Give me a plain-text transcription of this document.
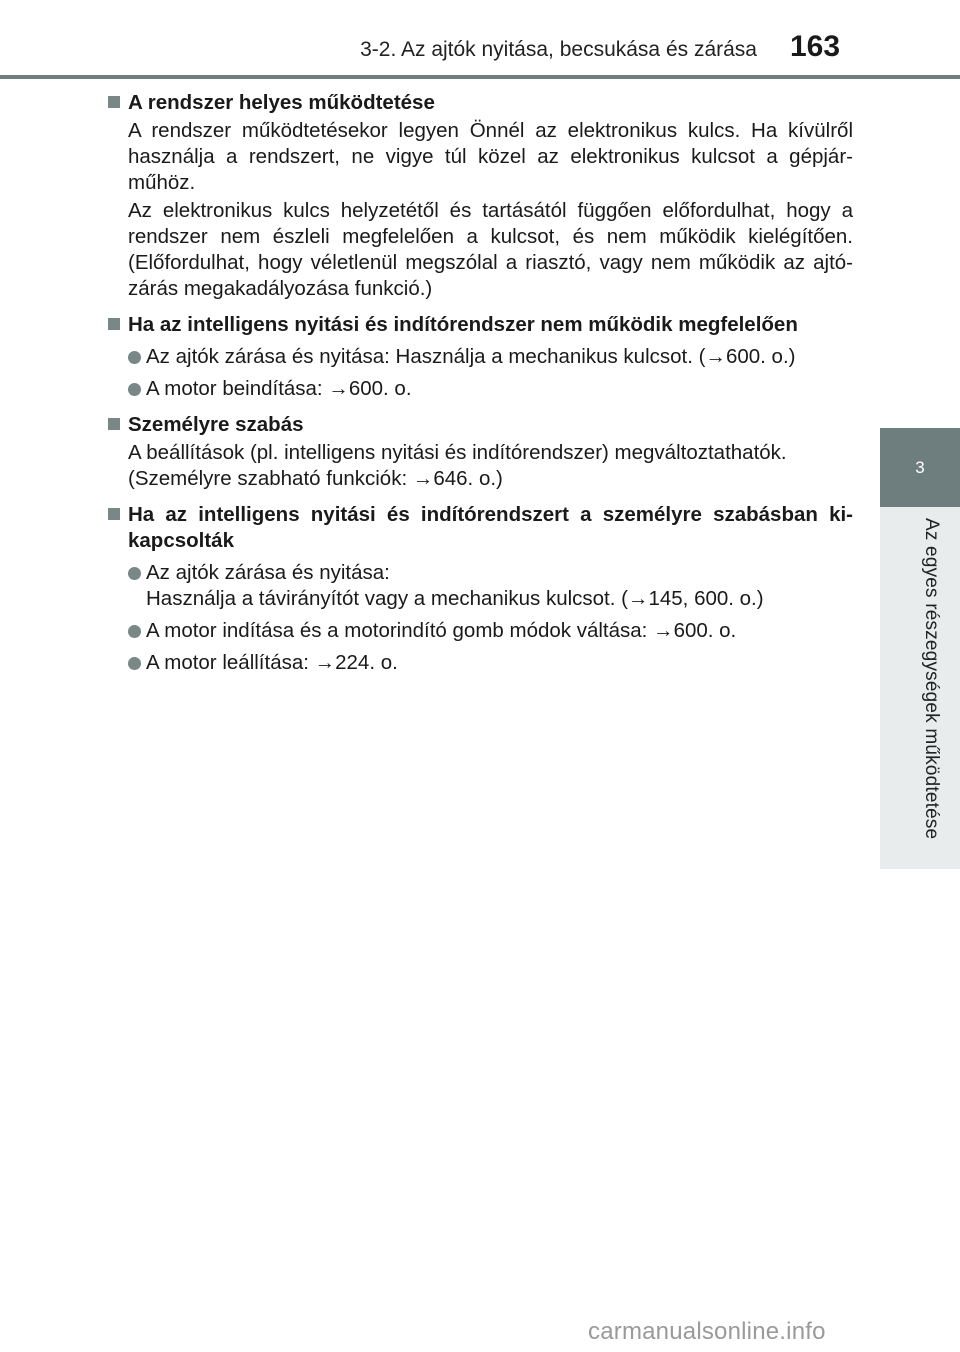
3-2. Az ajtók nyitása, becsukása és zárása 163
3
Az egyes részegységek működtetése
A rendszer helyes működtetése
A rendszer működtetésekor legyen Önnél az elektronikus kulcs. Ha kívülről használja a rendszert, ne vigye túl közel az elektronikus kulcsot a gépjár-műhöz.
Az elektronikus kulcs helyzetétől és tartásától függően előfordulhat, hogy a rendszer nem észleli megfelelően a kulcsot, és nem működik kielégítően. (Előfordulhat, hogy véletlenül megszólal a riasztó, vagy nem működik az ajtó-zárás megakadályozása funkció.)
Ha az intelligens nyitási és indítórendszer nem működik megfelelően
Az ajtók zárása és nyitása: Használja a mechanikus kulcsot. (→600. o.)
A motor beindítása: →600. o.
Személyre szabás
A beállítások (pl. intelligens nyitási és indítórendszer) megváltoztathatók.
(Személyre szabható funkciók: →646. o.)
Ha az intelligens nyitási és indítórendszert a személyre szabásban ki-kapcsolták
Az ajtók zárása és nyitása:
Használja a távirányítót vagy a mechanikus kulcsot. (→145, 600. o.)
A motor indítása és a motorindító gomb módok váltása: →600. o.
A motor leállítása: →224. o.
carmanualsonline.info
